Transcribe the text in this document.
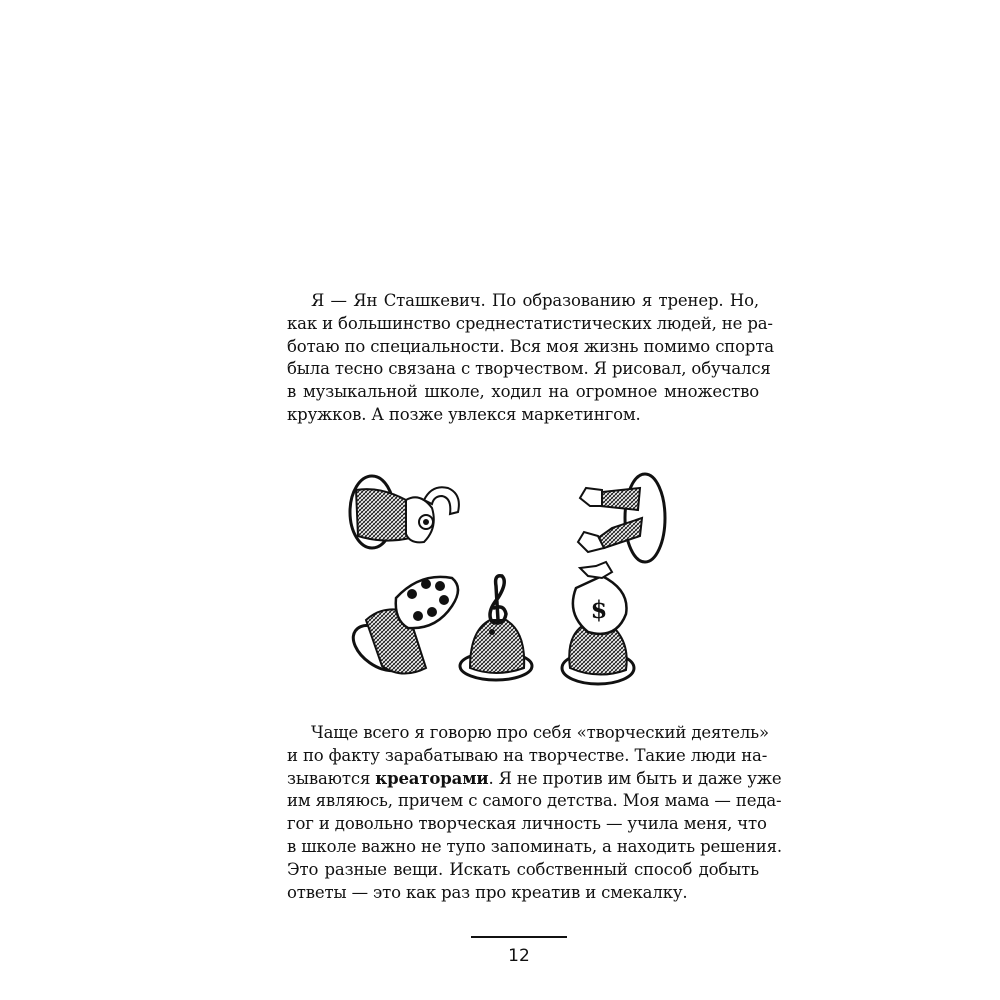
Я — Ян Сташкевич. По образованию я тренер. Но,
как и большинство среднестатистических людей, не ра-
ботаю по специальности. Вся моя жизнь помимо спорта
была тесно связана с творчеством. Я рисовал, обучался
в музыкальной школе, ходил на огромное множество
кружков. А позже увлекся маркетингом.
$
Чаще всего я говорю про себя «творческий деятель»
и по факту зарабатываю на творчестве. Такие люди на-
зываются креаторами. Я не против им быть и даже уже
им являюсь, причем с самого детства. Моя мама — педа-
гог и довольно творческая личность — учила меня, что
в школе важно не тупо запоминать, а находить решения.
Это разные вещи. Искать собственный способ добыть
ответы — это как раз про креатив и смекалку.
12
